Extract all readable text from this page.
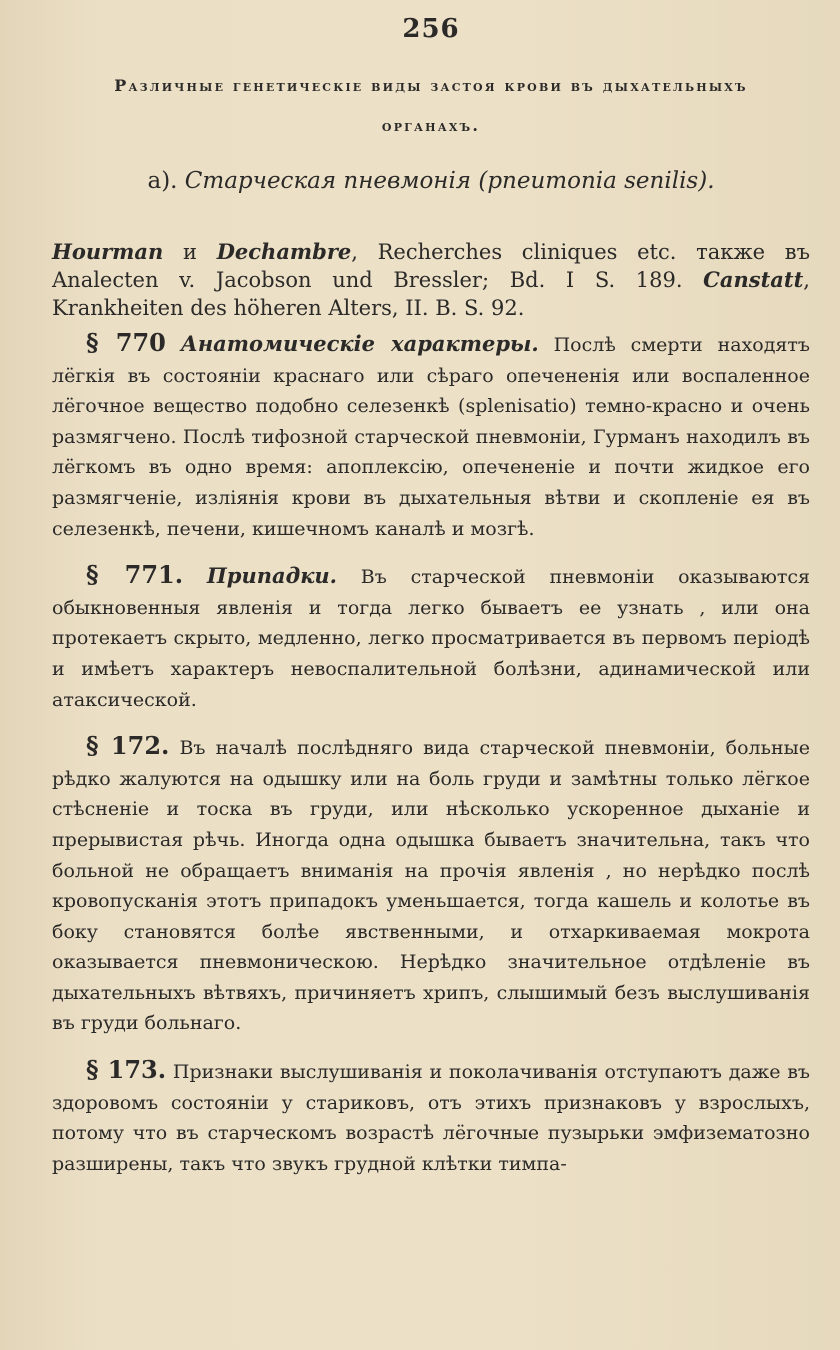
256
Различные генетическіе виды застоя крови въ дыхательныхъ
органахъ.
а). Старческая пневмонія (pneumonia senilis).

Hourman и Dechambre, Recherches cliniques etc. также въ Analecten v. Jacobson und Bressler; Bd. I S. 189. Canstatt, Krankheiten des höheren Alters, II. B. S. 92.

§ 770 Анатомическіе характеры. Послѣ смерти находятъ лёгкія въ состояніи краснаго или сѣраго опечененія или воспаленное лёгочное вещество подобно селезенкѣ (splenisatio) темно-красно и очень размягчено. Послѣ тифозной старческой пневмоніи, Гурманъ находилъ въ лёгкомъ въ одно время: апоплексію, опечененіе и почти жидкое его размягченіе, изліянія крови въ дыхательныя вѣтви и скопленіе ея въ селезенкѣ, печени, кишечномъ каналѣ и мозгѣ.

§ 771. Припадки. Въ старческой пневмоніи оказываются обыкновенныя явленія и тогда легко бываетъ ее узнать , или она протекаетъ скрыто, медленно, легко просматривается въ первомъ періодѣ и имѣетъ характеръ невоспалительной болѣзни, адинамической или атаксической.

§ 172. Въ началѣ послѣдняго вида старческой пневмоніи, больные рѣдко жалуются на одышку или на боль груди и замѣтны только лёгкое стѣсненіе и тоска въ груди, или нѣсколько ускоренное дыханіе и прерывистая рѣчь. Иногда одна одышка бываетъ значительна, такъ что больной не обращаетъ вниманія на прочія явленія , но нерѣдко послѣ кровопусканія этотъ припадокъ уменьшается, тогда кашель и колотье въ боку становятся болѣе явственными, и отхаркиваемая мокрота оказывается пневмоническою. Нерѣдко значительное отдѣленіе въ дыхательныхъ вѣтвяхъ, причиняетъ хрипъ, слышимый безъ выслушиванія въ груди больнаго.

§ 173. Признаки выслушиванія и поколачиванія отступаютъ даже въ здоровомъ состояніи у стариковъ, отъ этихъ признаковъ у взрослыхъ, потому что въ старческомъ возрастѣ лёгочные пузырьки эмфизематозно разширены, такъ что звукъ грудной клѣтки тимпа-
